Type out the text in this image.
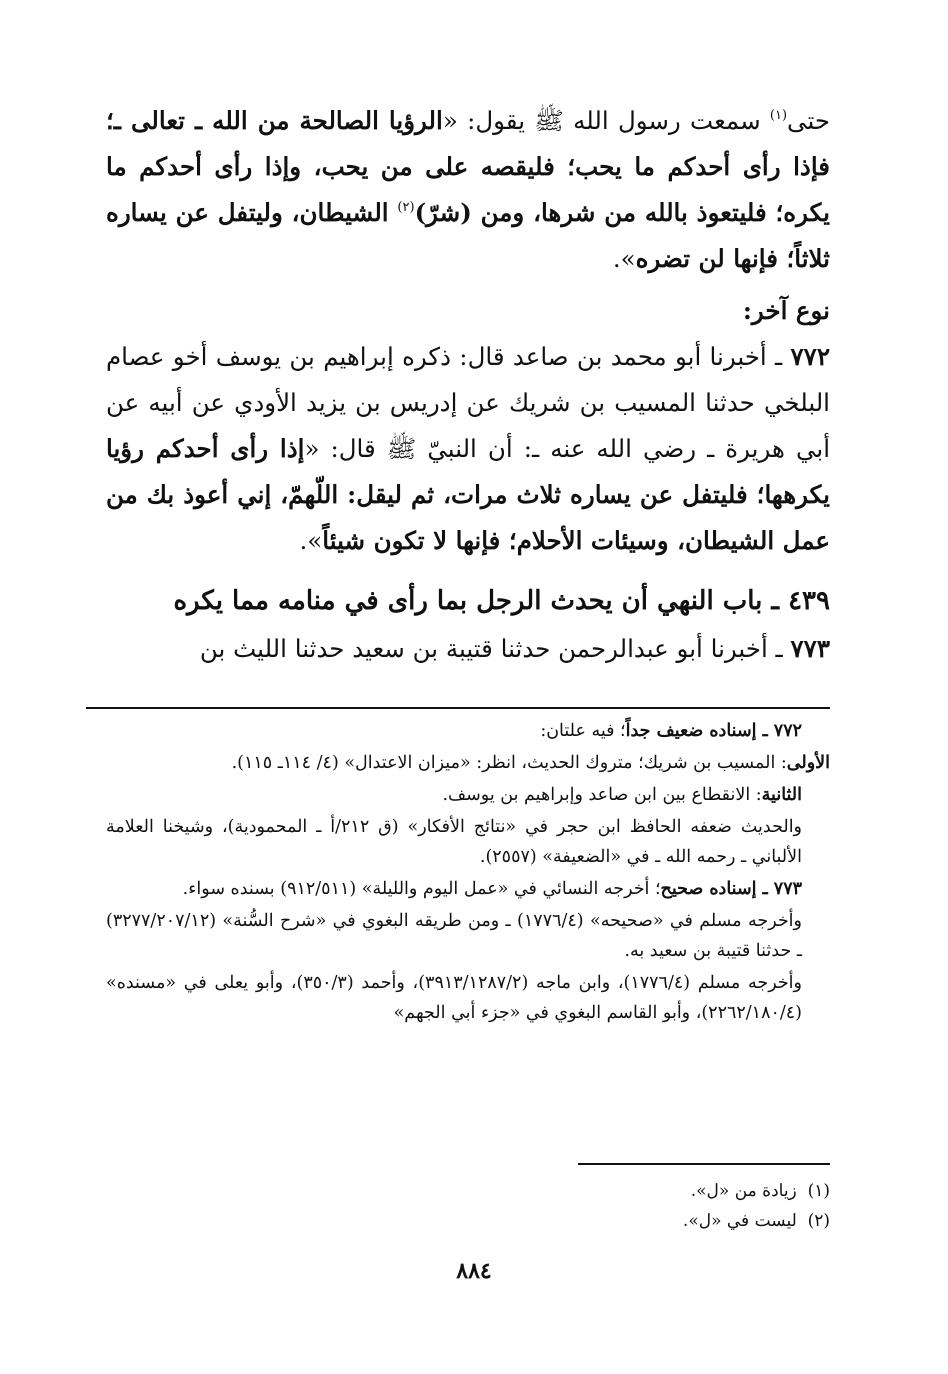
حتى$^{(١)}$ سمعت رسول الله ﷺ يقول: «الرؤيا الصالحة من الله ـ تعالى ـ؛ فإذا رأى أحدكم ما يحب؛ فليقصه على من يحب، وإذا رأى أحدكم ما يكره؛ فليتعوذ بالله من شرها، ومن (شرّ)$^{(٢)}$ الشيطان، وليتفل عن يساره ثلاثاً؛ فإنها لن تضره».

نوع آخر:

٧٧٢ ـ أخبرنا أبو محمد بن صاعد قال: ذكره إبراهيم بن يوسف أخو عصام البلخي حدثنا المسيب بن شريك عن إدريس بن يزيد الأودي عن أبيه عن أبي هريرة ـ رضي الله عنه ـ: أن النبيّ ﷺ قال: «إذا رأى أحدكم رؤيا يكرهها؛ فليتفل عن يساره ثلاث مرات، ثم ليقل: اللّهمّ، إني أعوذ بك من عمل الشيطان، وسيئات الأحلام؛ فإنها لا تكون شيئاً».

٤٣٩ ـ باب النهي أن يحدث الرجل بما رأى في منامه مما يكره

٧٧٣ ـ أخبرنا أبو عبدالرحمن حدثنا قتيبة بن سعيد حدثنا الليث بن

٧٧٢ ـ إسناده ضعيف جداً؛ فيه علتان:

الأولى: المسيب بن شريك؛ متروك الحديث، انظر: «ميزان الاعتدال» (٤/ ١١٤ـ ١١٥).

الثانية: الانقطاع بين ابن صاعد وإبراهيم بن يوسف.

والحديث ضعفه الحافظ ابن حجر في «نتائج الأفكار» (ق ٢١٢/أ ـ المحمودية)، وشيخنا العلامة الألباني ـ رحمه الله ـ في «الضعيفة» (٢٥٥٧).

٧٧٣ ـ إسناده صحيح؛ أخرجه النسائي في «عمل اليوم والليلة» (٩١٢/٥١١) بسنده سواء.

وأخرجه مسلم في «صحيحه» (١٧٧٦/٤) ـ ومن طريقه البغوي في «شرح السُّنة» (٣٢٧٧/٢٠٧/١٢) ـ حدثنا قتيبة بن سعيد به.

وأخرجه مسلم (١٧٧٦/٤)، وابن ماجه (٣٩١٣/١٢٨٧/٢)، وأحمد (٣٥٠/٣)، وأبو يعلى في «مسنده» (٢٢٦٢/١٨٠/٤)، وأبو القاسم البغوي في «جزء أبي الجهم»

(١)  زيادة من «ل».

(٢)  ليست في «ل».

٨٨٤
